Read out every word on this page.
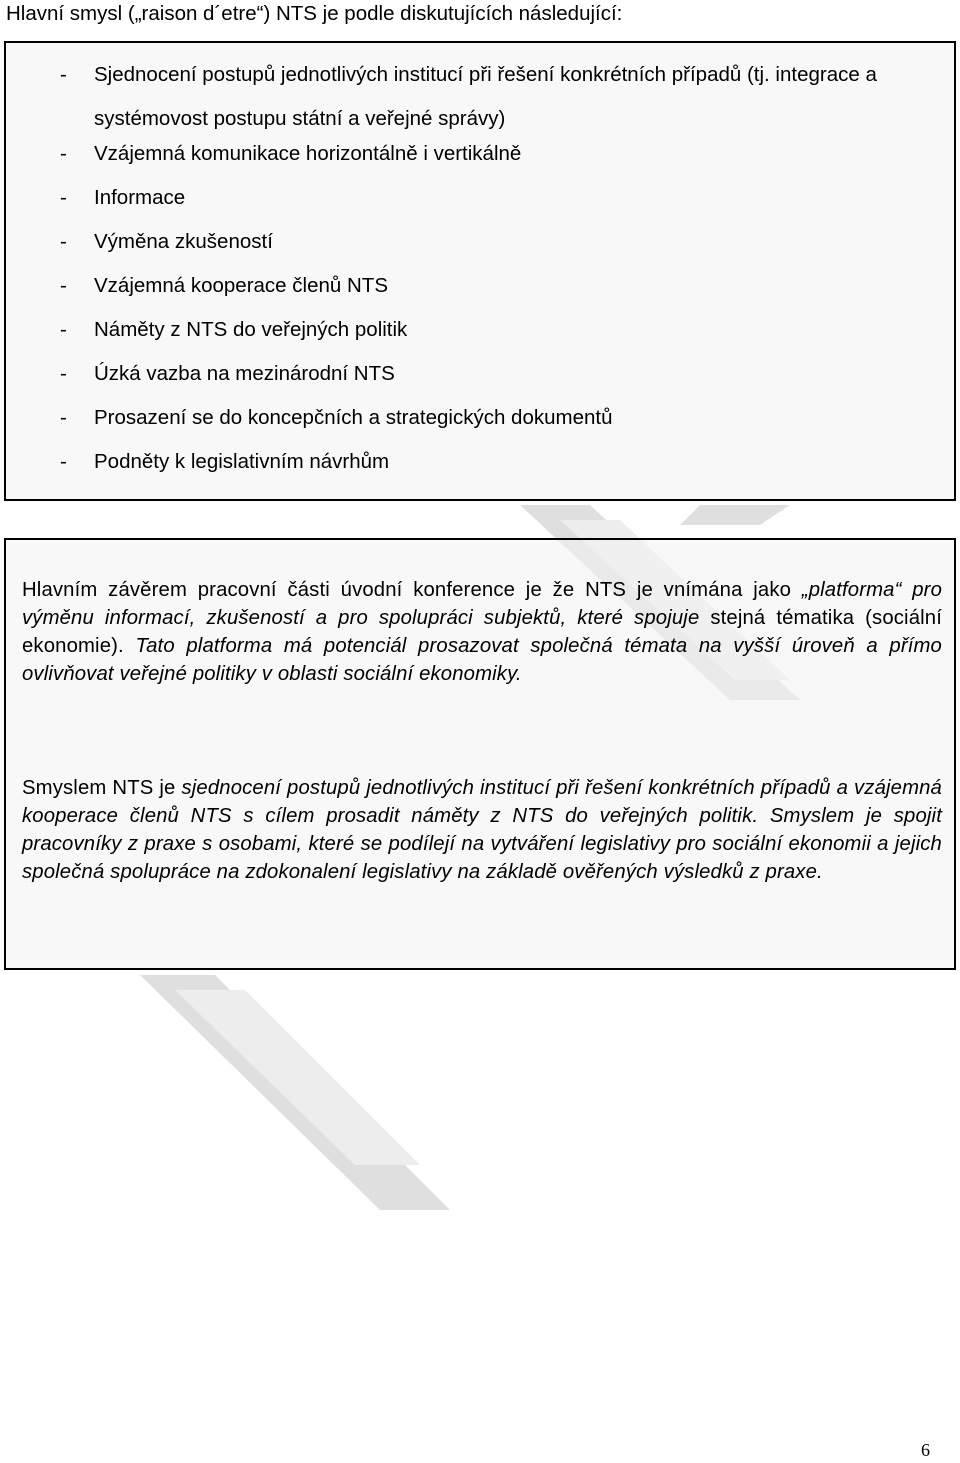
Hlavní smysl („raison d´etre“) NTS je podle diskutujících následující:
- Sjednocení postupů jednotlivých institucí při řešení konkrétních případů (tj. integrace a systémovost postupu státní a veřejné správy)
- Vzájemná komunikace horizontálně i vertikálně
- Informace
- Výměna zkušeností
- Vzájemná kooperace členů NTS
- Náměty z NTS do veřejných politik
- Úzká vazba na mezinárodní NTS
- Prosazení se do koncepčních a strategických dokumentů
- Podněty k legislativním návrhům

Hlavním závěrem pracovní části úvodní konference je že NTS je vnímána jako „platforma“ pro výměnu informací, zkušeností a pro spolupráci subjektů, které spojuje stejná tématika (sociální ekonomie). Tato platforma má potenciál prosazovat společná témata na vyšší úroveň a přímo ovlivňovat veřejné politiky v oblasti sociální ekonomiky.

Smyslem NTS je sjednocení postupů jednotlivých institucí při řešení konkrétních případů a vzájemná kooperace členů NTS s cílem prosadit náměty z NTS do veřejných politik. Smyslem je spojit pracovníky z praxe s osobami, které se podílejí na vytváření legislativy pro sociální ekonomii a jejich společná spolupráce na zdokonalení legislativy na základě ověřených výsledků z praxe.

6
